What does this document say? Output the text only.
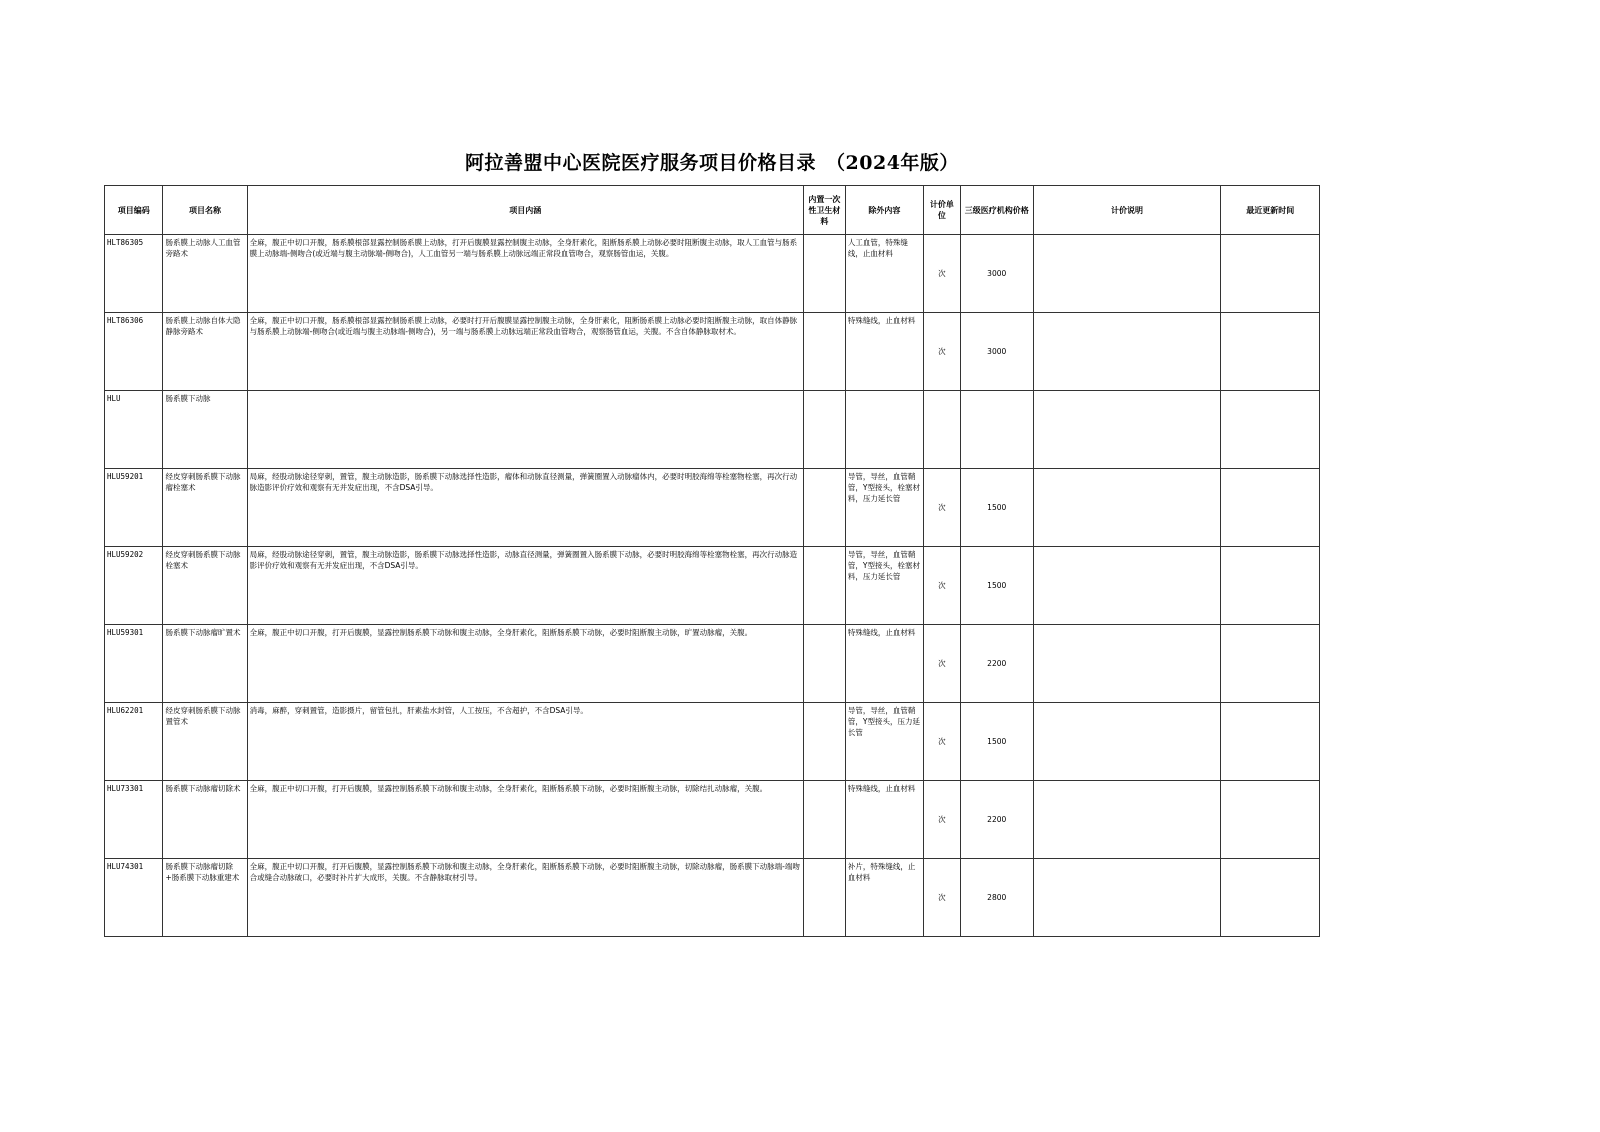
阿拉善盟中心医院医疗服务项目价格目录　（2024年版）
项目编码	项目名称	项目内涵	内置一次性卫生材料	除外内容	计价单位	三级医疗机构价格	计价说明	最近更新时间
HLT86305	肠系膜上动脉人工血管旁路术	全麻，腹正中切口开腹，肠系膜根部显露控制肠系膜上动脉，打开后腹膜显露控制腹主动脉，全身肝素化，阻断肠系膜上动脉必要时阻断腹主动脉，取人工血管与肠系膜上动脉端-侧吻合(或近端与腹主动脉端-侧吻合)，人工血管另一端与肠系膜上动脉远端正常段血管吻合，观察肠管血运，关腹。		人工血管，特殊缝线，止血材料	次	3000		
HLT86306	肠系膜上动脉自体大隐静脉旁路术	全麻，腹正中切口开腹，肠系膜根部显露控制肠系膜上动脉，必要时打开后腹膜显露控制腹主动脉，全身肝素化，阻断肠系膜上动脉必要时阻断腹主动脉，取自体静脉与肠系膜上动脉端-侧吻合(或近端与腹主动脉端-侧吻合)，另一端与肠系膜上动脉远端正常段血管吻合，观察肠管血运，关腹。不含自体静脉取材术。		特殊缝线，止血材料	次	3000		
HLU	肠系膜下动脉							
HLU59201	经皮穿刺肠系膜下动脉瘤栓塞术	局麻，经股动脉途径穿刺，置管，腹主动脉造影，肠系膜下动脉选择性造影，瘤体和动脉直径测量，弹簧圈置入动脉瘤体内，必要时明胶海绵等栓塞物栓塞，再次行动脉造影评价疗效和观察有无并发症出现，不含DSA引导。		导管，导丝，血管鞘管，Y型接头，栓塞材料，压力延长管	次	1500		
HLU59202	经皮穿刺肠系膜下动脉栓塞术	局麻，经股动脉途径穿刺，置管，腹主动脉造影，肠系膜下动脉选择性造影，动脉直径测量，弹簧圈置入肠系膜下动脉，必要时明胶海绵等栓塞物栓塞，再次行动脉造影评价疗效和观察有无并发症出现，不含DSA引导。		导管，导丝，血管鞘管，Y型接头，栓塞材料，压力延长管	次	1500		
HLU59301	肠系膜下动脉瘤旷置术	全麻，腹正中切口开腹，打开后腹膜，显露控制肠系膜下动脉和腹主动脉，全身肝素化，阻断肠系膜下动脉，必要时阻断腹主动脉，旷置动脉瘤，关腹。		特殊缝线，止血材料	次	2200		
HLU62201	经皮穿刺肠系膜下动脉置管术	消毒，麻醉，穿刺置管，造影摄片，留管包扎，肝素盐水封管，人工按压，不含超护，不含DSA引导。		导管，导丝，血管鞘管，Y型接头，压力延长管	次	1500		
HLU73301	肠系膜下动脉瘤切除术	全麻，腹正中切口开腹，打开后腹膜，显露控制肠系膜下动脉和腹主动脉，全身肝素化，阻断肠系膜下动脉，必要时阻断腹主动脉，切除结扎动脉瘤，关腹。		特殊缝线，止血材料	次	2200		
HLU74301	肠系膜下动脉瘤切除+肠系膜下动脉重建术	全麻，腹正中切口开腹，打开后腹膜，显露控制肠系膜下动脉和腹主动脉，全身肝素化，阻断肠系膜下动脉，必要时阻断腹主动脉，切除动脉瘤，肠系膜下动脉端-端吻合或缝合动脉破口，必要时补片扩大成形，关腹。不含静脉取材引导。		补片，特殊缝线，止血材料	次	2800		
